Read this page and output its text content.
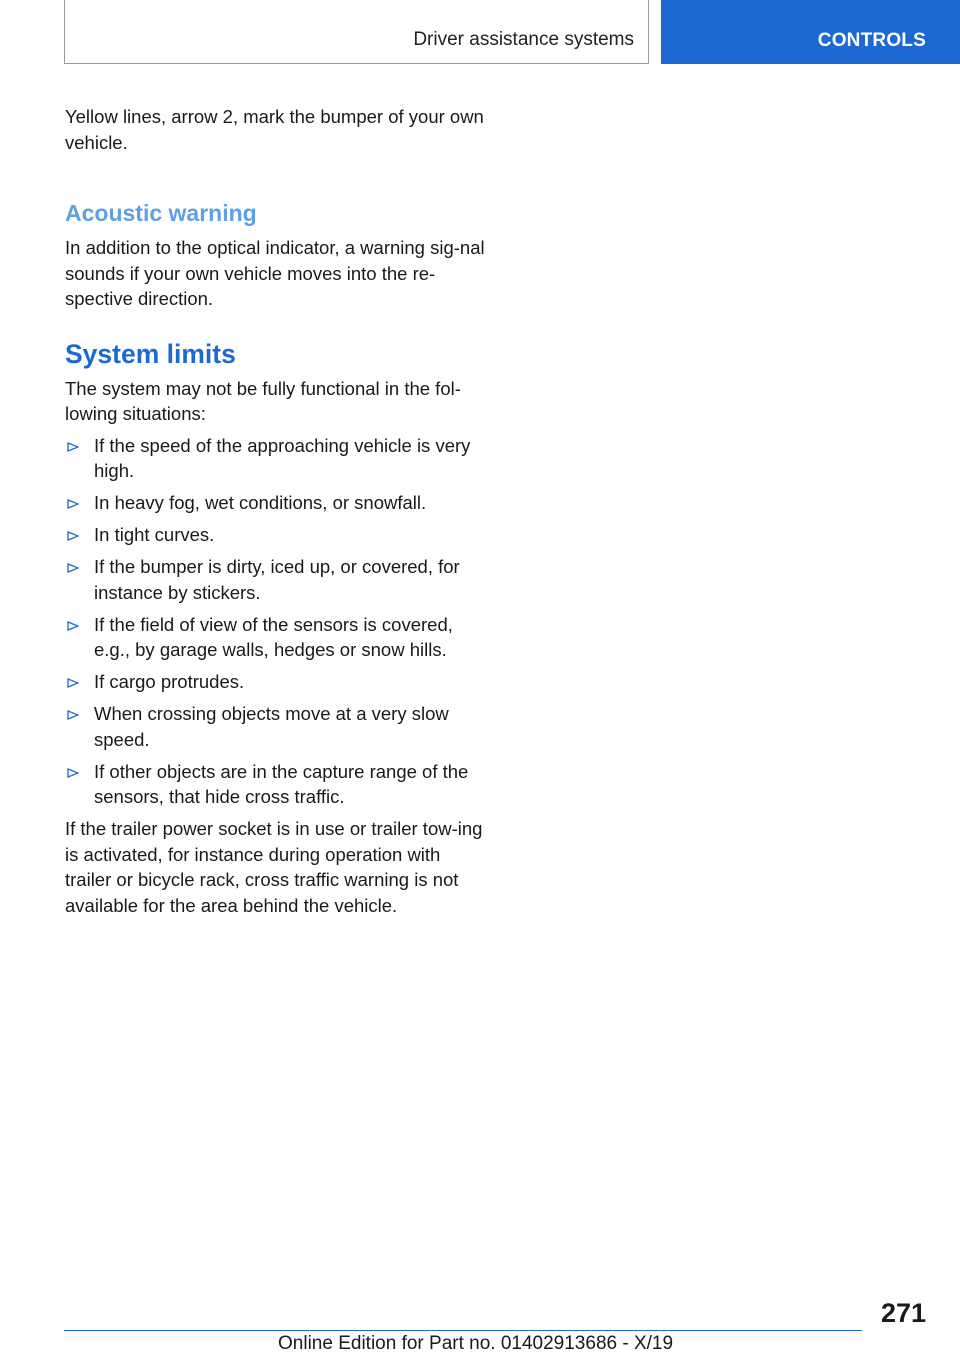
Driver assistance systems	CONTROLS

Yellow lines, arrow 2, mark the bumper of your own vehicle.

Acoustic warning

In addition to the optical indicator, a warning sig-nal sounds if your own vehicle moves into the re-spective direction.

System limits

The system may not be fully functional in the fol-lowing situations:

If the speed of the approaching vehicle is very high.
In heavy fog, wet conditions, or snowfall.
In tight curves.
If the bumper is dirty, iced up, or covered, for instance by stickers.
If the field of view of the sensors is covered, e.g., by garage walls, hedges or snow hills.
If cargo protrudes.
When crossing objects move at a very slow speed.
If other objects are in the capture range of the sensors, that hide cross traffic.

If the trailer power socket is in use or trailer tow-ing is activated, for instance during operation with trailer or bicycle rack, cross traffic warning is not available for the area behind the vehicle.

271
Online Edition for Part no. 01402913686 - X/19
